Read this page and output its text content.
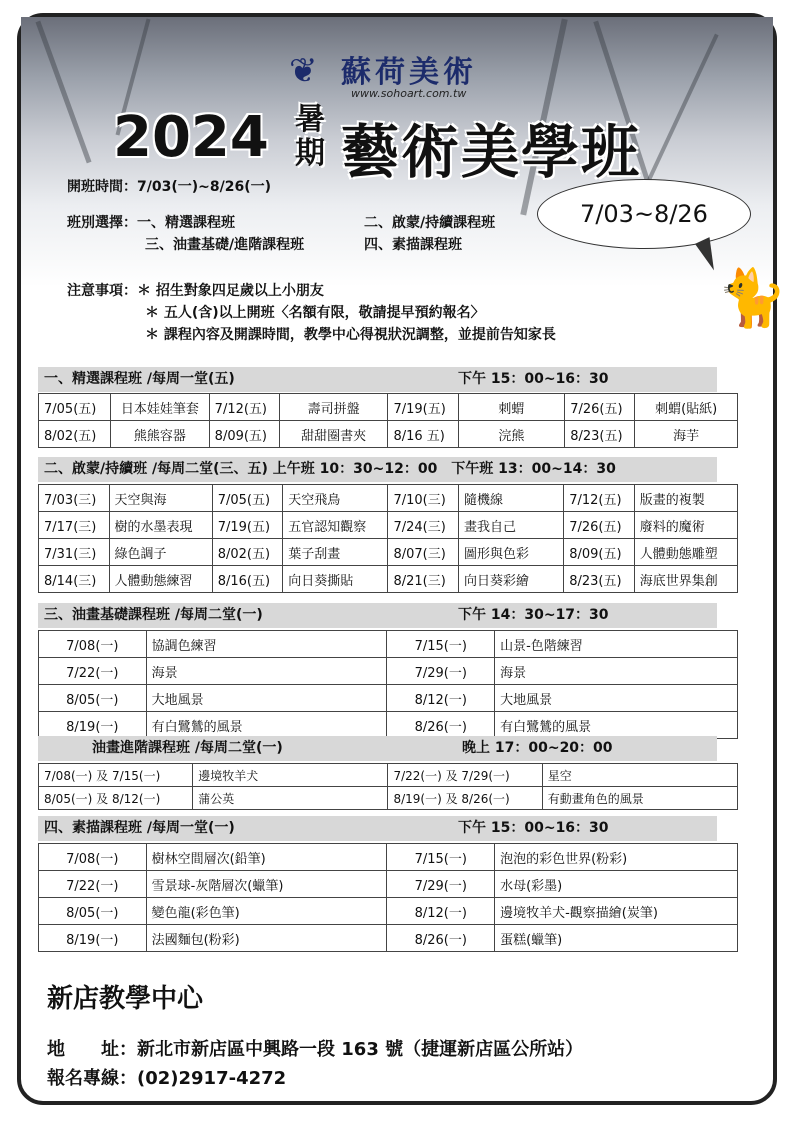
❦ 蘇荷美術
www.sohoart.com.tw
2024 暑
期 藝術美學班
7/03~8/26
🐈
開班時間：7/03(一)~8/26(一)
班別選擇：一、精選課程班
三、油畫基礎/進階課程班
二、啟蒙/持續課程班
四、素描課程班
注意事項：＊ 招生對象四足歲以上小朋友
＊ 五人(含)以上開班〈名額有限，敬請提早預約報名〉
＊ 課程內容及開課時間，教學中心得視狀況調整，並提前告知家長
一、精選課程班 /每周一堂(五)	下午 15：00~16：30
7/05(五)	日本娃娃筆套	7/12(五)	壽司拼盤	7/19(五)	刺蝟	7/26(五)	刺蝟(貼紙)
8/02(五)	熊熊容器	8/09(五)	甜甜圈書夾	8/16 五)	浣熊	8/23(五)	海芋
二、啟蒙/持續班 /每周二堂(三、五) 上午班 10：30~12：00　下午班 13：00~14：30
7/03(三)	天空與海	7/05(五)	天空飛鳥	7/10(三)	隨機線	7/12(五)	版畫的複製
7/17(三)	樹的水墨表現	7/19(五)	五官認知觀察	7/24(三)	畫我自己	7/26(五)	廢料的魔術
7/31(三)	綠色調子	8/02(五)	葉子刮畫	8/07(三)	圖形與色彩	8/09(五)	人體動態雕塑
8/14(三)	人體動態練習	8/16(五)	向日葵撕貼	8/21(三)	向日葵彩繪	8/23(五)	海底世界集創
三、油畫基礎課程班 /每周二堂(一)	下午 14：30~17：30
7/08(一)	協調色練習	7/15(一)	山景-色階練習
7/22(一)	海景	7/29(一)	海景
8/05(一)	大地風景	8/12(一)	大地風景
8/19(一)	有白鷺鷥的風景	8/26(一)	有白鷺鷥的風景
油畫進階課程班 /每周二堂(一)	晚上 17：00~20：00
7/08(一) 及 7/15(一)	邊境牧羊犬	7/22(一) 及 7/29(一)	星空
8/05(一) 及 8/12(一)	蒲公英	8/19(一) 及 8/26(一)	有動畫角色的風景
四、素描課程班 /每周一堂(一)	下午 15：00~16：30
7/08(一)	樹林空間層次(鉛筆)	7/15(一)	泡泡的彩色世界(粉彩)
7/22(一)	雪景球-灰階層次(蠟筆)	7/29(一)	水母(彩墨)
8/05(一)	變色龍(彩色筆)	8/12(一)	邊境牧羊犬-觀察描繪(炭筆)
8/19(一)	法國麵包(粉彩)	8/26(一)	蛋糕(蠟筆)
新店教學中心
地　　址：新北市新店區中興路一段 163 號（捷運新店區公所站）
報名專線：(02)2917-4272
